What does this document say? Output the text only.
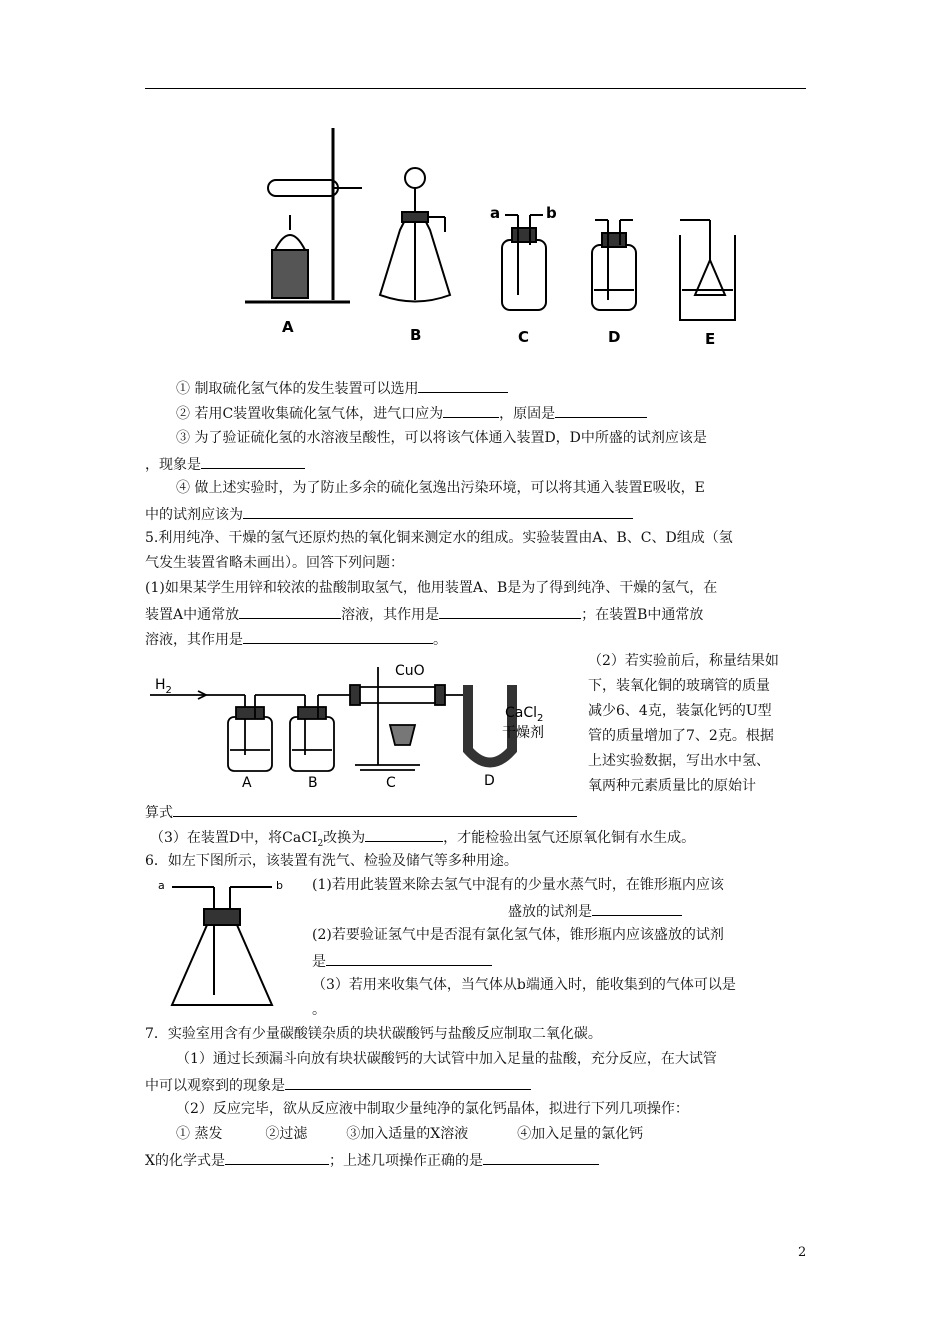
A	B	C	D	E
a	b
① 制取硫化氢气体的发生装置可以选用
② 若用C装置收集硫化氢气体，进气口应为	，原固是
③ 为了验证硫化氢的水溶液呈酸性，可以将该气体通入装置D，D中所盛的试剂应该是
，现象是
④ 做上述实验时，为了防止多余的硫化氢逸出污染环境，可以将其通入装置E吸收，E
中的试剂应该为
5.利用纯净、干燥的氢气还原灼热的氧化铜来测定水的组成。实验装置由A、B、C、D组成（氢
气发生装置省略未画出）。回答下列问题：
(1)如果某学生用锌和较浓的盐酸制取氢气，他用装置A、B是为了得到纯净、干燥的氢气，在
装置A中通常放	溶液，其作用是	；在装置B中通常放
溶液，其作用是	。
$H_2$
CuO
CaCl$_2$
干燥剂
A	B	C	D
（2）若实验前后，称量结果如
下，装氧化铜的玻璃管的质量
减少6、4克，装氯化钙的U型
管的质量增加了7、2克。根据
上述实验数据，写出水中氢、
氧两种元素质量比的原始计
算式
（3）在装置D中，将CaCI$_2$改换为	，才能检验出氢气还原氧化铜有水生成。
6．如左下图所示，该装置有洗气、检验及储气等多种用途。
a	b (1)若用此装置来除去氢气中混有的少量水蒸气时，在锥形瓶内应该
盛放的试剂是
(2)若要验证氢气中是否混有氯化氢气体，锥形瓶内应该盛放的试剂
是
（3）若用来收集气体，当气体从b端通入时，能收集到的气体可以是
。
7．实验室用含有少量碳酸镁杂质的块状碳酸钙与盐酸反应制取二氧化碳。
（1）通过长颈漏斗向放有块状碳酸钙的大试管中加入足量的盐酸，充分反应，在大试管
中可以观察到的现象是
（2）反应完毕，欲从反应液中制取少量纯净的氯化钙晶体，拟进行下列几项操作：
① 蒸发	②过滤	③加入适量的X溶液	④加入足量的氯化钙
X的化学式是	；上述几项操作正确的是
2
